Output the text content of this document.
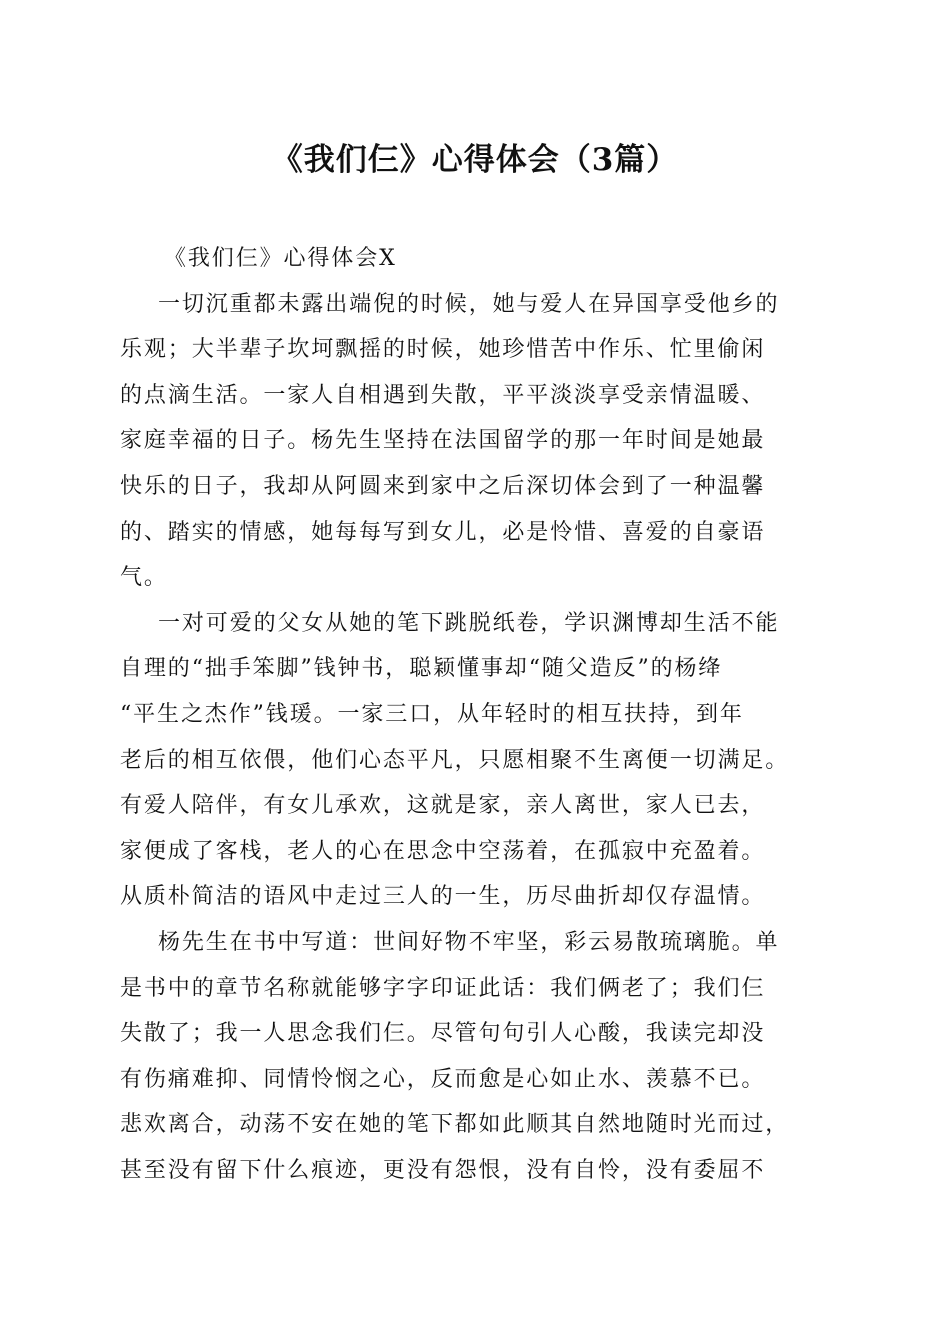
《我们仨》心得体会（3篇）
《我们仨》心得体会X
一切沉重都未露出端倪的时候，她与爱人在异国享受他乡的
乐观；大半辈子坎坷飘摇的时候，她珍惜苦中作乐、忙里偷闲
的点滴生活。一家人自相遇到失散，平平淡淡享受亲情温暖、
家庭幸福的日子。杨先生坚持在法国留学的那一年时间是她最
快乐的日子，我却从阿圆来到家中之后深切体会到了一种温馨
的、踏实的情感，她每每写到女儿，必是怜惜、喜爱的自豪语
气。
一对可爱的父女从她的笔下跳脱纸卷，学识渊博却生活不能
自理的“拙手笨脚”钱钟书，聪颖懂事却“随父造反”的杨绛
“平生之杰作”钱瑗。一家三口，从年轻时的相互扶持，到年
老后的相互依偎，他们心态平凡，只愿相聚不生离便一切满足。
有爱人陪伴，有女儿承欢，这就是家，亲人离世，家人已去，
家便成了客栈，老人的心在思念中空荡着，在孤寂中充盈着。
从质朴简洁的语风中走过三人的一生，历尽曲折却仅存温情。
杨先生在书中写道：世间好物不牢坚，彩云易散琉璃脆。单
是书中的章节名称就能够字字印证此话：我们俩老了；我们仨
失散了；我一人思念我们仨。尽管句句引人心酸，我读完却没
有伤痛难抑、同情怜悯之心，反而愈是心如止水、羡慕不已。
悲欢离合，动荡不安在她的笔下都如此顺其自然地随时光而过，
甚至没有留下什么痕迹，更没有怨恨，没有自怜，没有委屈不
